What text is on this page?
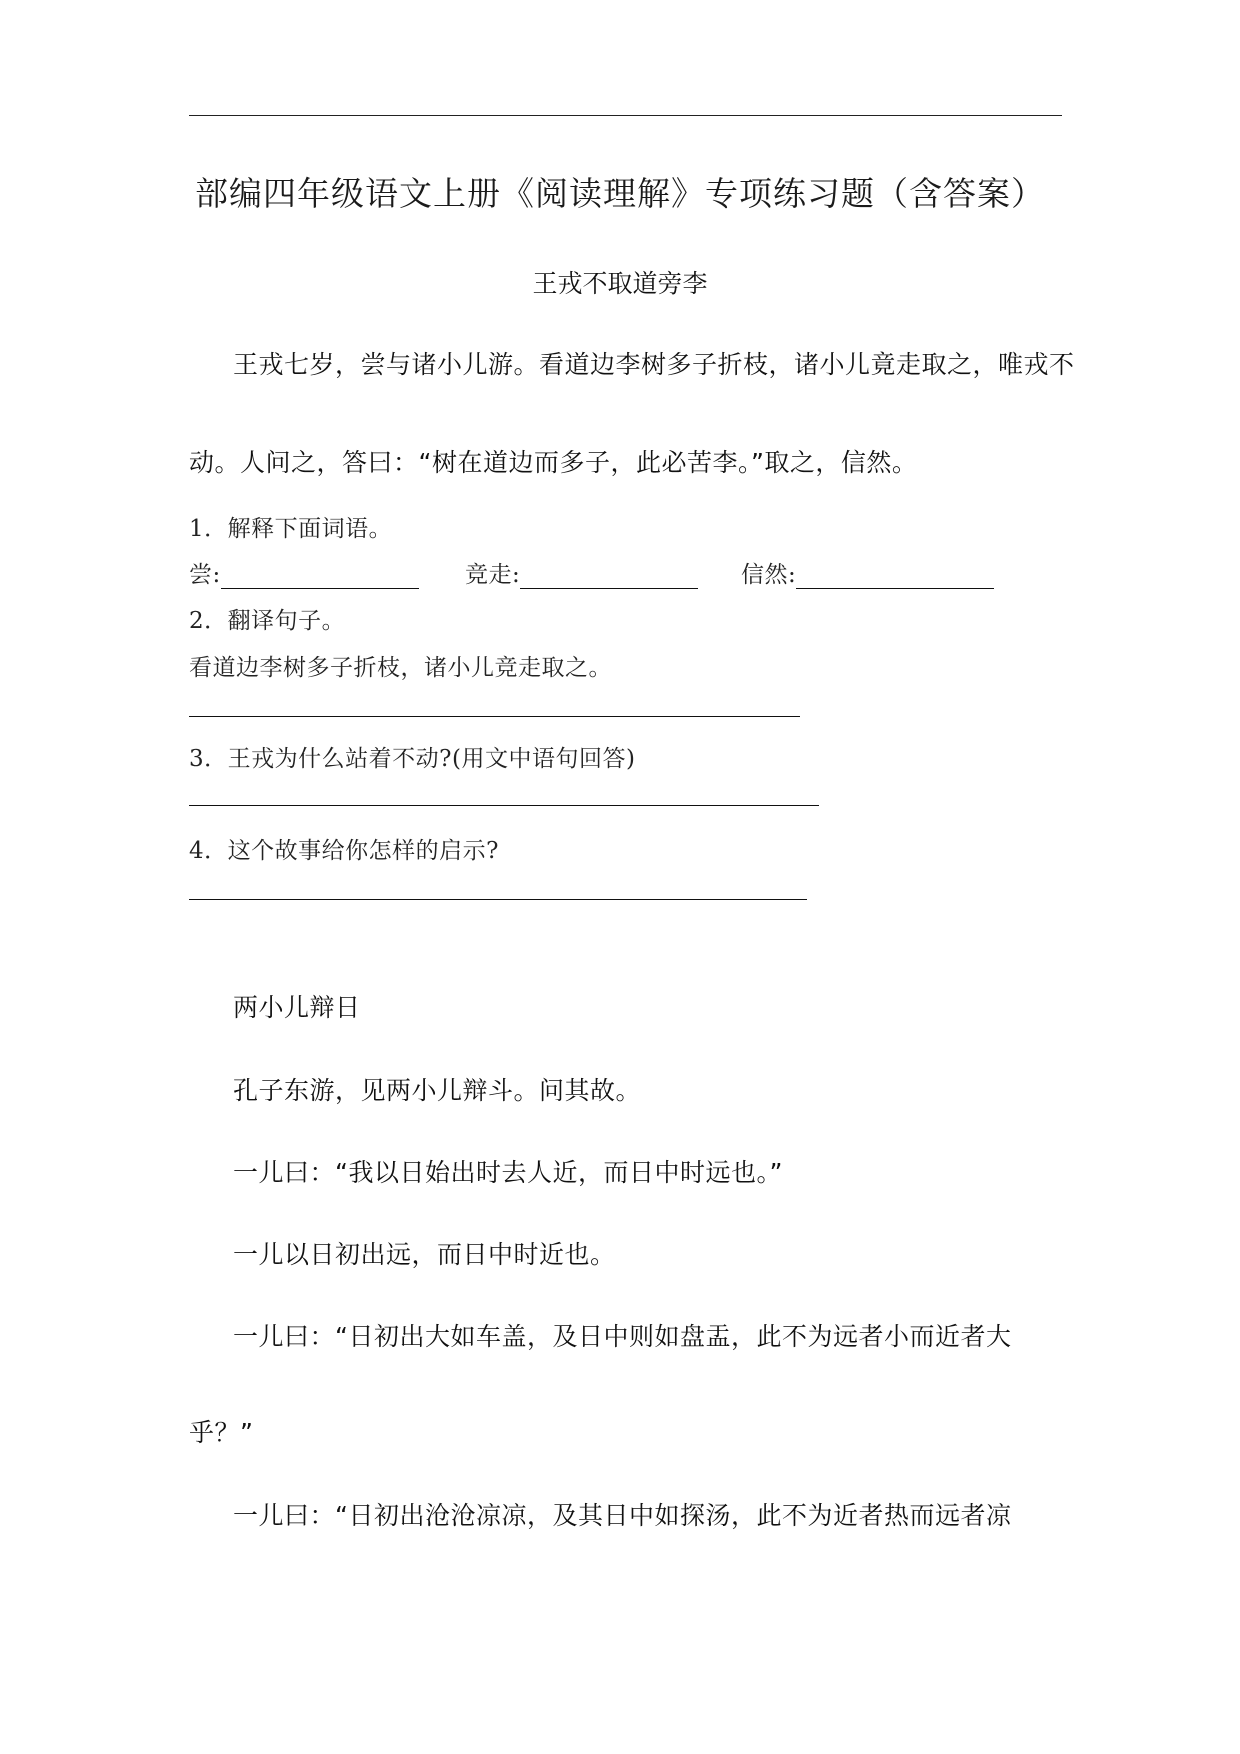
部编四年级语文上册《阅读理解》专项练习题（含答案）
王戎不取道旁李
王戎七岁，尝与诸小儿游。看道边李树多子折枝，诸小儿竟走取之，唯戎不
动。人问之，答曰：“树在道边而多子，此必苦李。”取之，信然。
1．解释下面词语。
尝:	竞走:	信然:
2．翻译句子。
看道边李树多子折枝，诸小儿竞走取之。
3．王戎为什么站着不动?(用文中语句回答)
4．这个故事给你怎样的启示?
两小儿辩日
孔子东游，见两小儿辩斗。问其故。
一儿曰：“我以日始出时去人近，而日中时远也。”
一儿以日初出远，而日中时近也。
一儿曰：“日初出大如车盖，及日中则如盘盂，此不为远者小而近者大
乎？”
一儿曰：“日初出沧沧凉凉，及其日中如探汤，此不为近者热而远者凉
